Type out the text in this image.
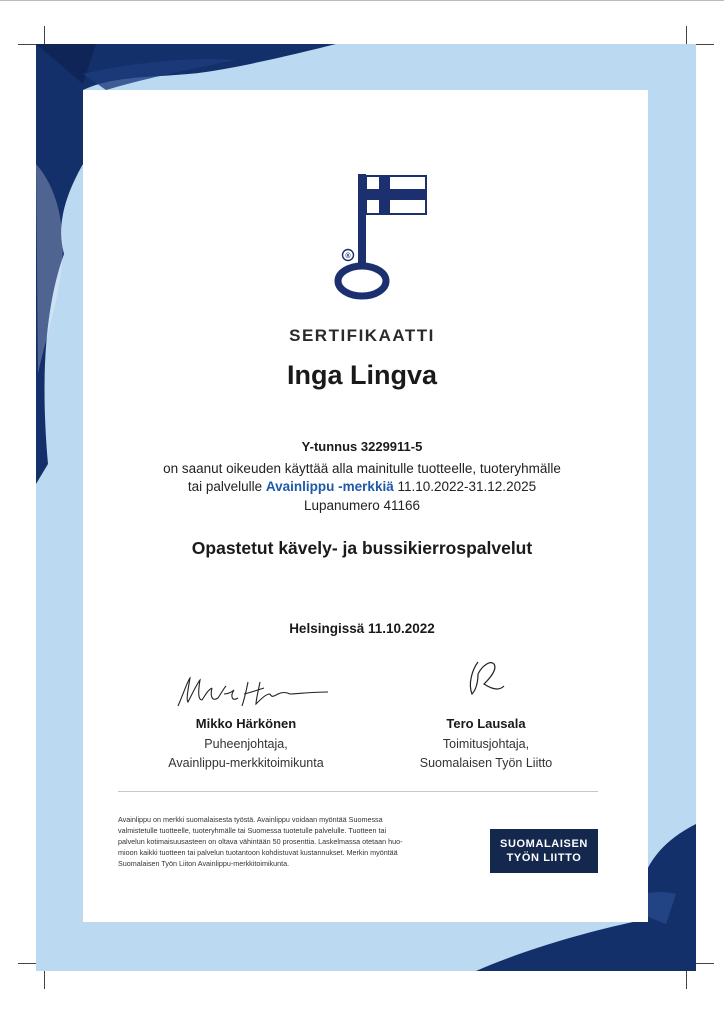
®
SERTIFIKAATTI
Inga Lingva
Y-tunnus 3229911-5
on saanut oikeuden käyttää alla mainitulle tuotteelle, tuoteryhmälle
tai palvelulle Avainlippu -merkkiä 11.10.2022-31.12.2025
Lupanumero 41166
Opastetut kävely- ja bussikierrospalvelut
Helsingissä 11.10.2022
Mikko Härkönen
Puheenjohtaja,
Avainlippu-merkkitoimikunta
Tero Lausala
Toimitusjohtaja,
Suomalaisen Työn Liitto

Avainlippu on merkki suomalaisesta työstä. Avainlippu voidaan myöntää Suomessa

valmistetulle tuotteelle, tuoteryhmälle tai Suomessa tuotetulle palvelulle. Tuotteen tai

palvelun kotimaisuusasteen on oltava vähintään 50 prosenttia. Laskelmassa otetaan huo-

mioon kaikki tuotteen tai palvelun tuotantoon kohdistuvat kustannukset. Merkin myöntää

Suomalaisen Työn Liiton Avainlippu-merkkitoimikunta.

SUOMALAISEN
TYÖN LIITTO
